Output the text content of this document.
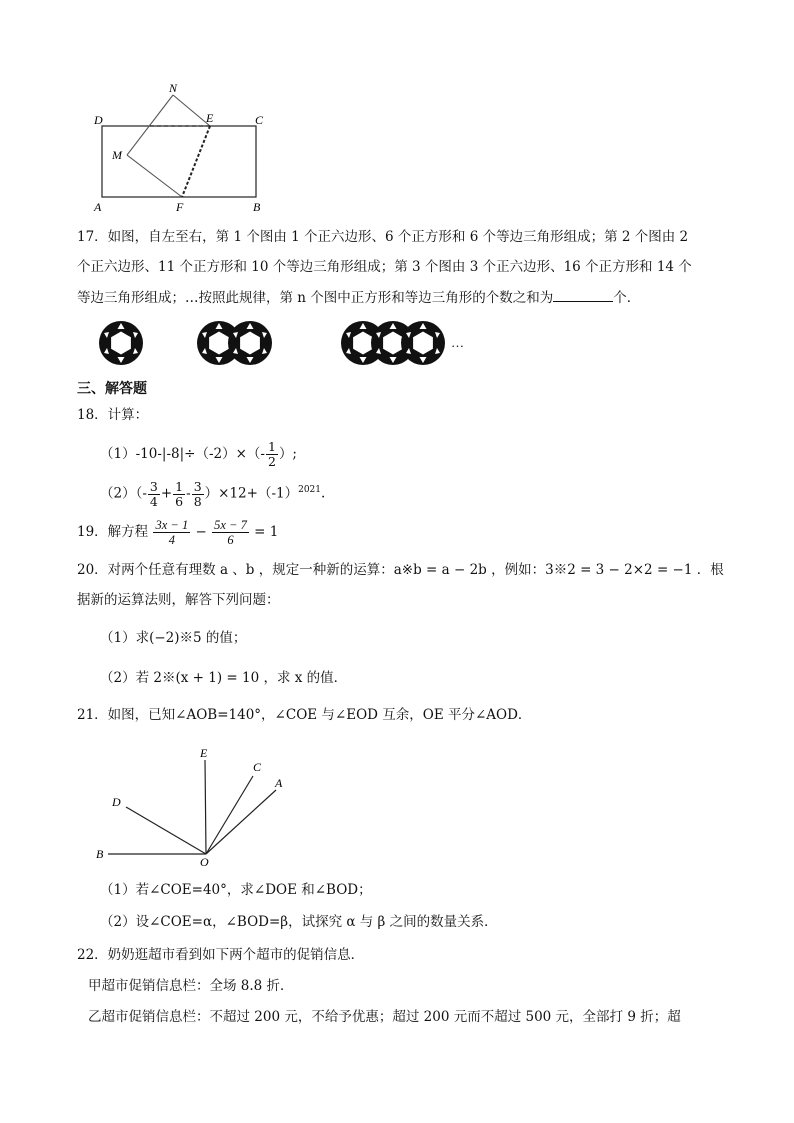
N
D	E	C
M
A	F	B
17．如图，自左至右，第 1 个图由 1 个正六边形、6 个正方形和 6 个等边三角形组成；第 2 个图由 2
个正六边形、11 个正方形和 10 个等边三角形组成；第 3 个图由 3 个正六边形、16 个正方形和 14 个
等边三角形组成；…按照此规律，第 n 个图中正方形和等边三角形的个数之和为	个．
…
三、解答题
18．计算：
$(1)-10-|-8|\div(-2)\times(- \frac{1}{2}$ ）;
$(2)(- \frac{3}{4} + \frac{1}{6} - \frac{3}{8} )\times 12+(-1)^{2021}$.
19．解方程 $\frac{3x - 1}{4} - \frac{5x - 7}{6} = 1$
20．对两个任意有理数 a 、b ，规定一种新的运算：a※b = a − 2b ，例如：3※2 = 3 − 2×2 = −1 ．根
据新的运算法则，解答下列问题：
（1）求(−2)※5 的值；
（2）若 2※(x + 1) = 10 ，求 x 的值．
21．如图，已知∠AOB=140°，∠COE 与∠EOD 互余，OE 平分∠AOD．
E
C
A
D
B
O
（1）若∠COE=40°，求∠DOE 和∠BOD；
（2）设∠COE=α，∠BOD=β，试探究 α 与 β 之间的数量关系．
22．奶奶逛超市看到如下两个超市的促销信息．
甲超市促销信息栏：全场 8.8 折．
乙超市促销信息栏：不超过 200 元，不给予优惠；超过 200 元而不超过 500 元，全部打 9 折；超
